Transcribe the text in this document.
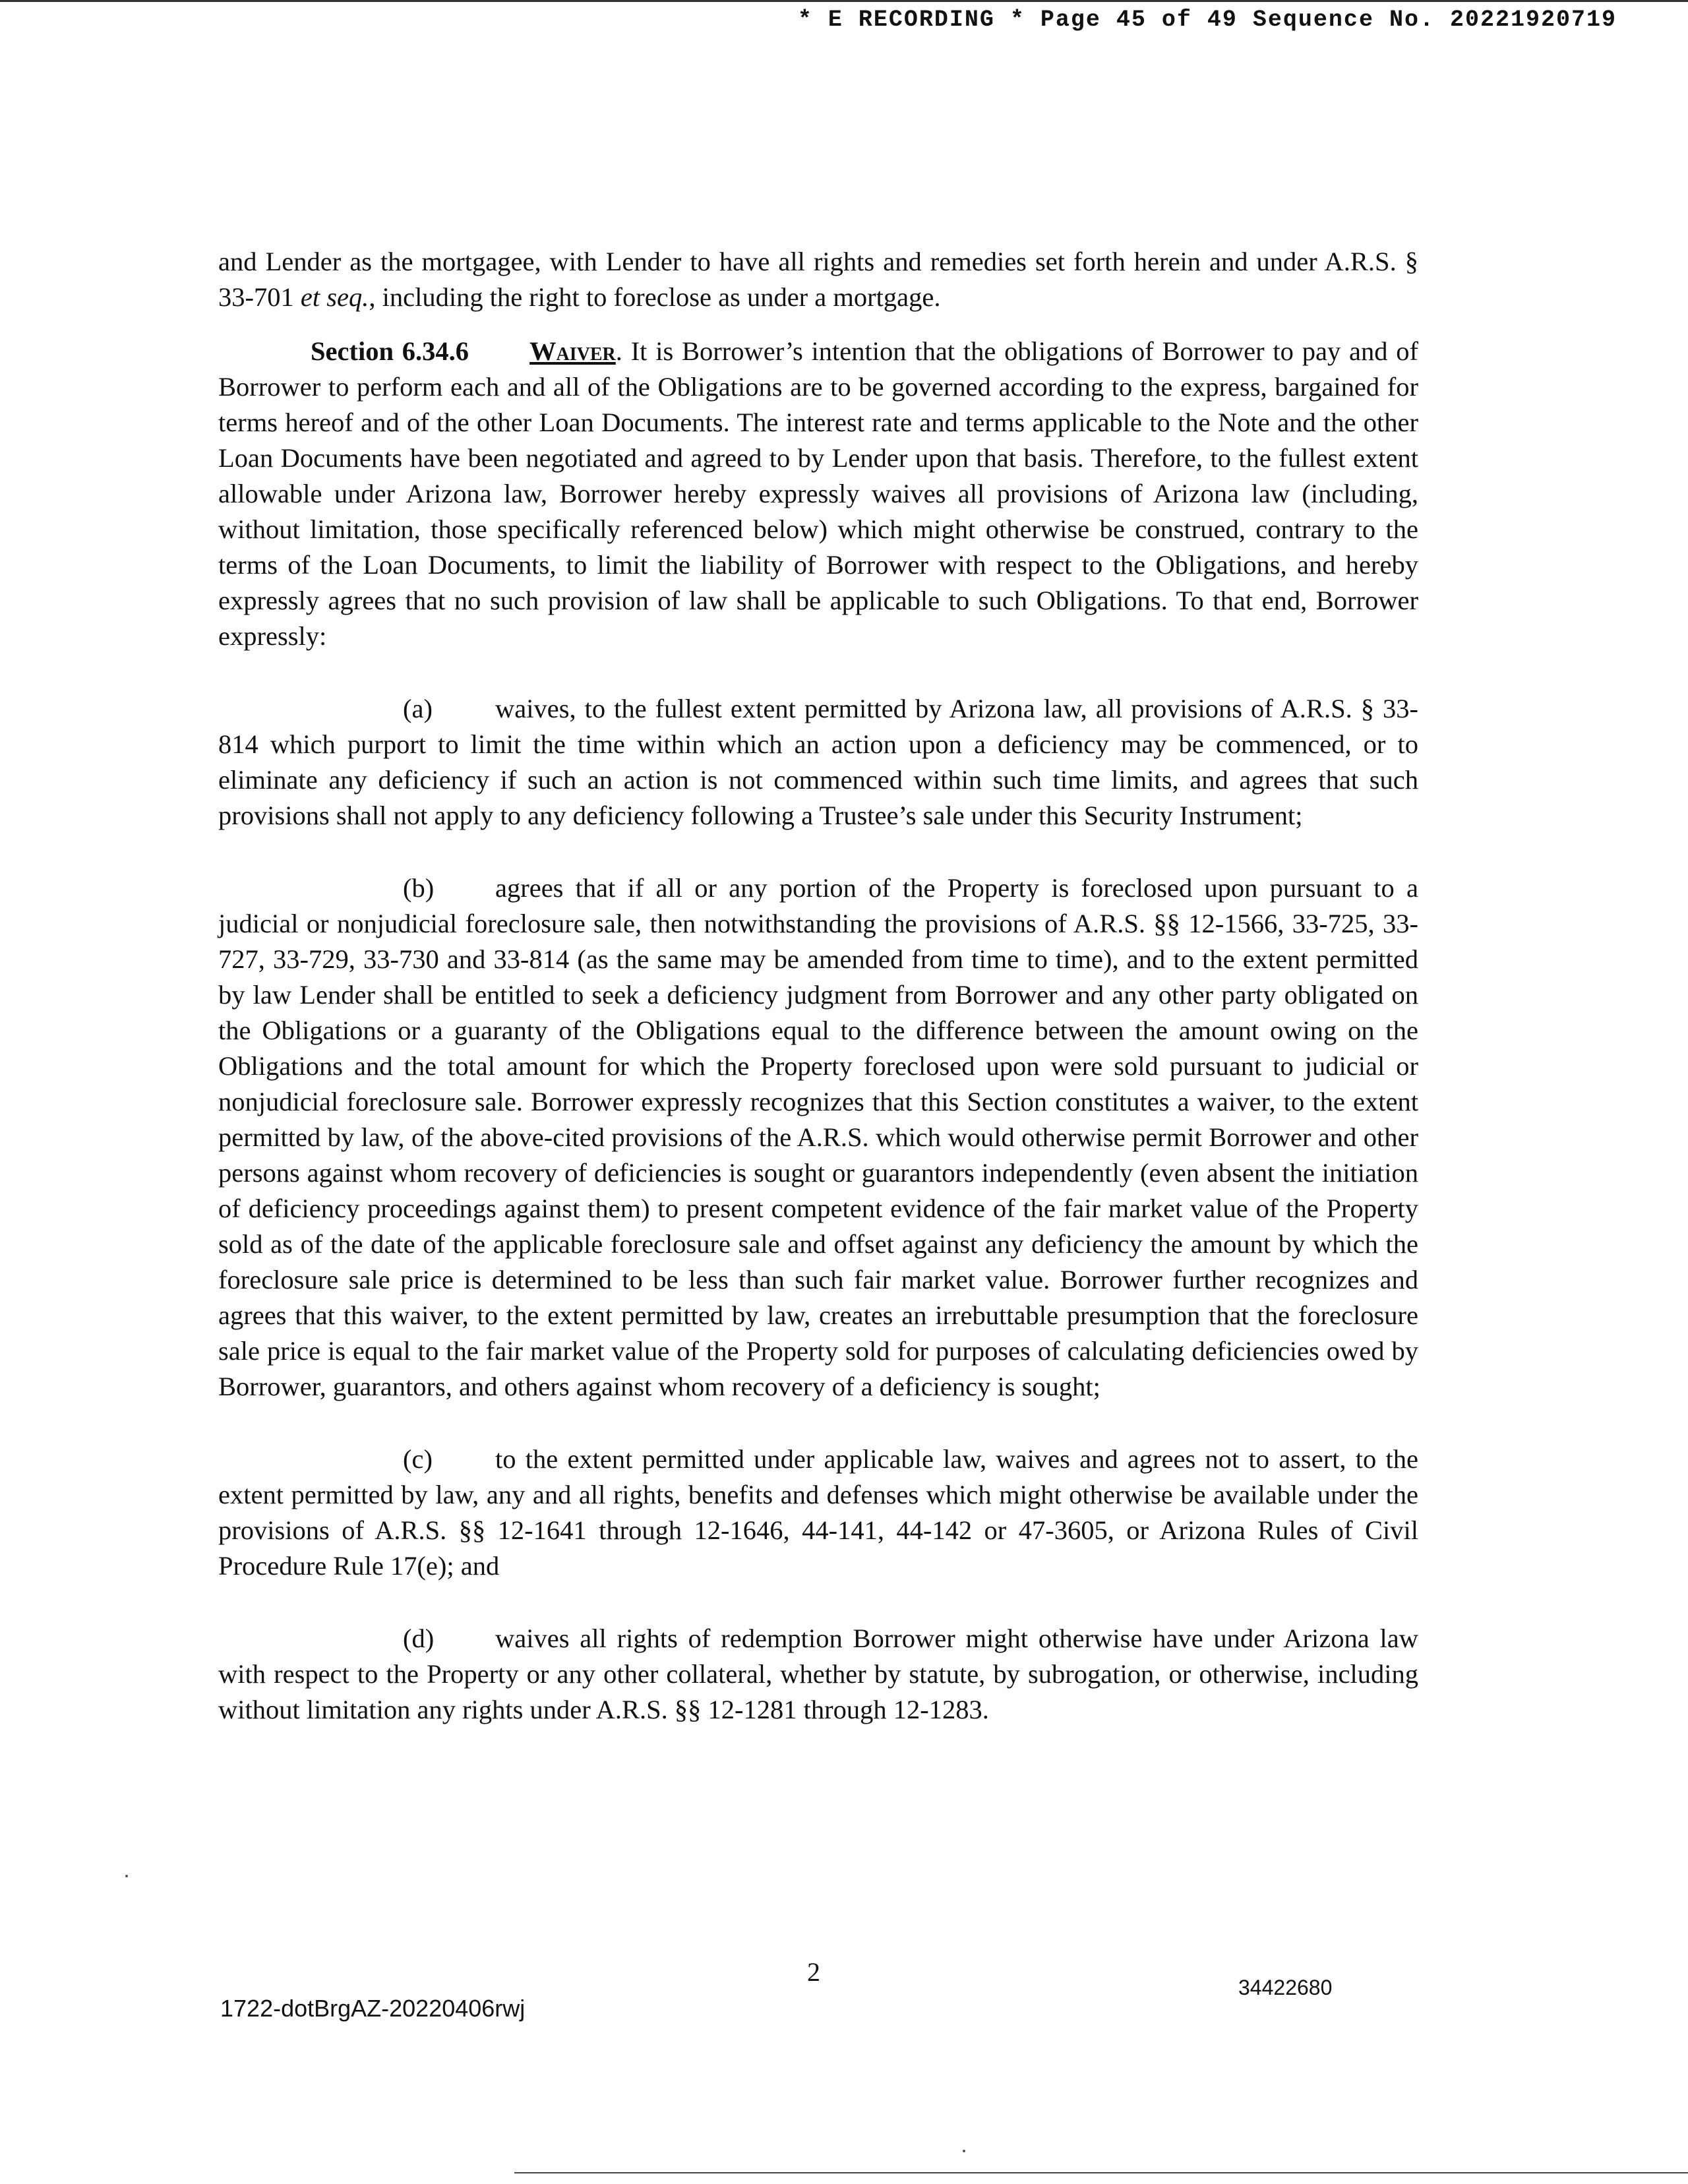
* E RECORDING * Page 45 of 49 Sequence No. 20221920719

and Lender as the mortgagee, with Lender to have all rights and remedies set forth herein and under A.R.S. § 33-701 et seq., including the right to foreclose as under a mortgage.

Section 6.34.6 Waiver. It is Borrower’s intention that the obligations of Borrower to pay and of Borrower to perform each and all of the Obligations are to be governed according to the express, bargained for terms hereof and of the other Loan Documents. The interest rate and terms applicable to the Note and the other Loan Documents have been negotiated and agreed to by Lender upon that basis. Therefore, to the fullest extent allowable under Arizona law, Borrower hereby expressly waives all provisions of Arizona law (including, without limitation, those specifically referenced below) which might otherwise be construed, contrary to the terms of the Loan Documents, to limit the liability of Borrower with respect to the Obligations, and hereby expressly agrees that no such provision of law shall be applicable to such Obligations. To that end, Borrower expressly:

(a) waives, to the fullest extent permitted by Arizona law, all provisions of A.R.S. § 33-814 which purport to limit the time within which an action upon a deficiency may be commenced, or to eliminate any deficiency if such an action is not commenced within such time limits, and agrees that such provisions shall not apply to any deficiency following a Trustee’s sale under this Security Instrument;

(b) agrees that if all or any portion of the Property is foreclosed upon pursuant to a judicial or nonjudicial foreclosure sale, then notwithstanding the provisions of A.R.S. §§ 12-1566, 33-725, 33-727, 33-729, 33-730 and 33-814 (as the same may be amended from time to time), and to the extent permitted by law Lender shall be entitled to seek a deficiency judgment from Borrower and any other party obligated on the Obligations or a guaranty of the Obligations equal to the difference between the amount owing on the Obligations and the total amount for which the Property foreclosed upon were sold pursuant to judicial or nonjudicial foreclosure sale. Borrower expressly recognizes that this Section constitutes a waiver, to the extent permitted by law, of the above-cited provisions of the A.R.S. which would otherwise permit Borrower and other persons against whom recovery of deficiencies is sought or guarantors independently (even absent the initiation of deficiency proceedings against them) to present competent evidence of the fair market value of the Property sold as of the date of the applicable foreclosure sale and offset against any deficiency the amount by which the foreclosure sale price is determined to be less than such fair market value. Borrower further recognizes and agrees that this waiver, to the extent permitted by law, creates an irrebuttable presumption that the foreclosure sale price is equal to the fair market value of the Property sold for purposes of calculating deficiencies owed by Borrower, guarantors, and others against whom recovery of a deficiency is sought;

(c) to the extent permitted under applicable law, waives and agrees not to assert, to the extent permitted by law, any and all rights, benefits and defenses which might otherwise be available under the provisions of A.R.S. §§ 12-1641 through 12-1646, 44-141, 44-142 or 47-3605, or Arizona Rules of Civil Procedure Rule 17(e); and

(d) waives all rights of redemption Borrower might otherwise have under Arizona law with respect to the Property or any other collateral, whether by statute, by subrogation, or otherwise, including without limitation any rights under A.R.S. §§ 12-1281 through 12-1283.

2
1722-dotBrgAZ-20220406rwj
34422680
